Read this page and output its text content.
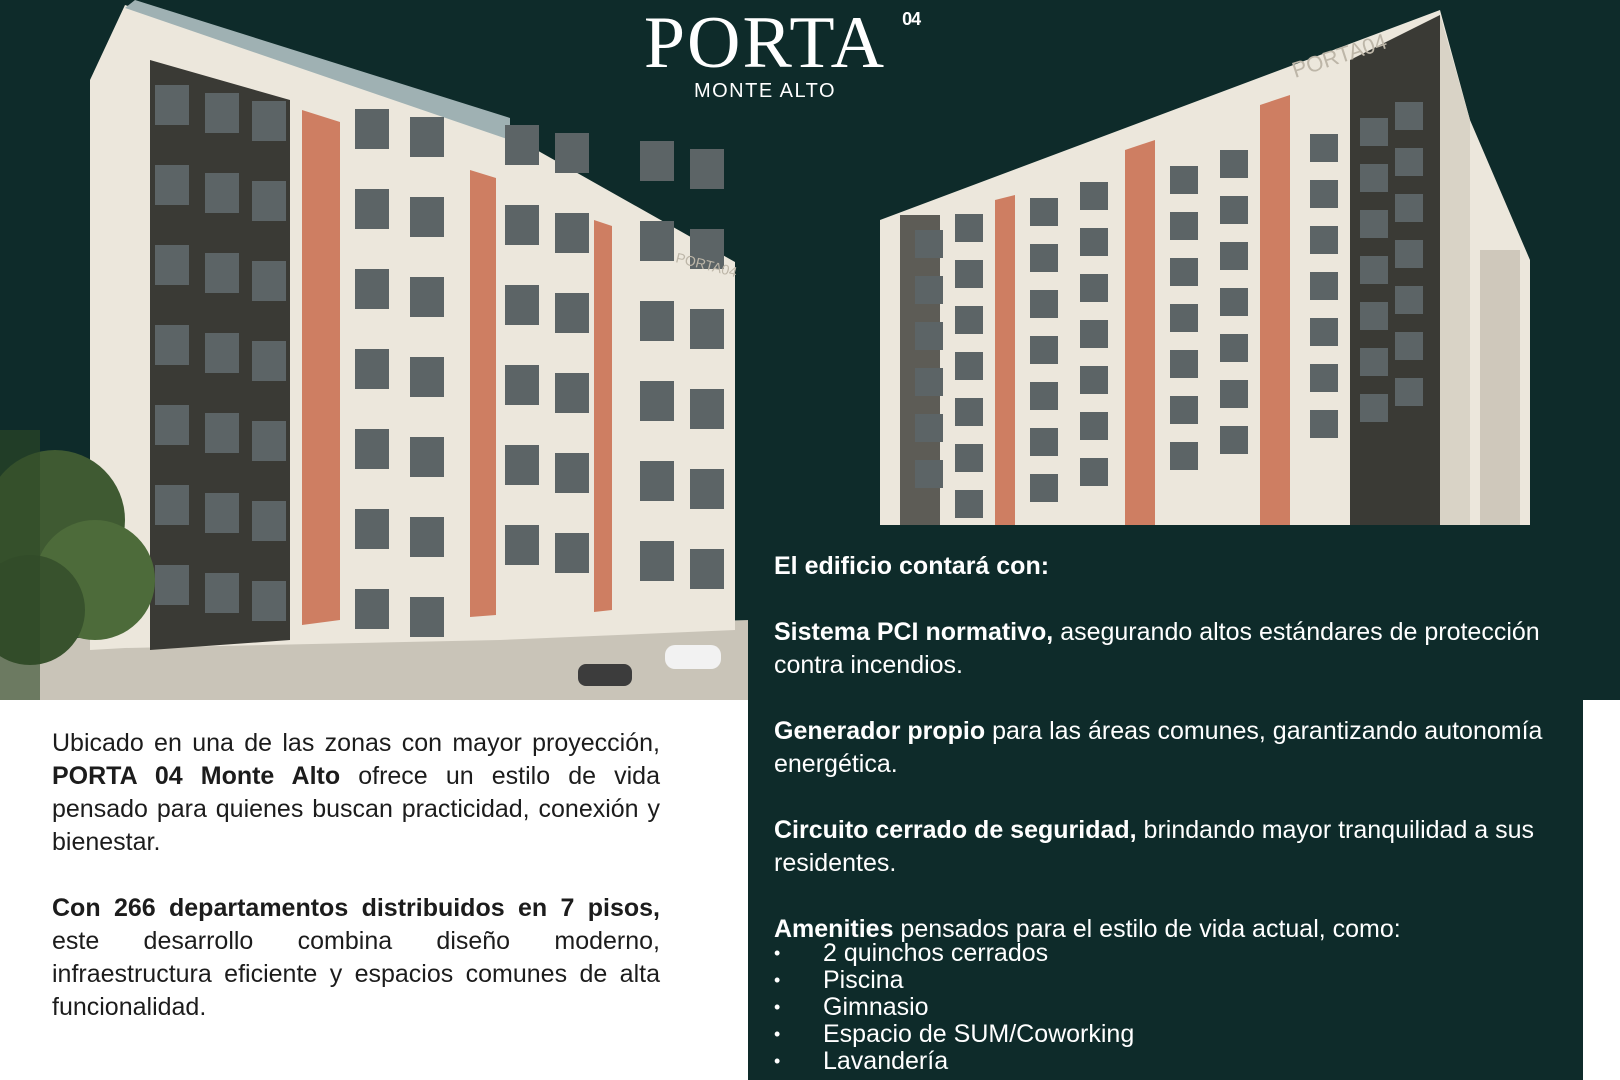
PORTA04
PORTA04
PORTA 04
MONTE ALTO

Ubicado en una de las zonas con mayor proyección, PORTA 04 Monte Alto ofrece un estilo de vida pensado para quienes buscan practicidad, conexión y bienestar.

Con 266 departamentos distribuidos en 7 pisos, este desarrollo combina diseño moderno, infraestructura eficiente y espacios comunes de alta funcionalidad.

El edificio contará con:
Sistema PCI normativo, asegurando altos estándares de protección contra incendios.
Generador propio para las áreas comunes, garantizando autonomía energética.
Circuito cerrado de seguridad, brindando mayor tranquilidad a sus residentes.
Amenities pensados para el estilo de vida actual, como:
• 2 quinchos cerrados
• Piscina
• Gimnasio
• Espacio de SUM/Coworking
• Lavandería
